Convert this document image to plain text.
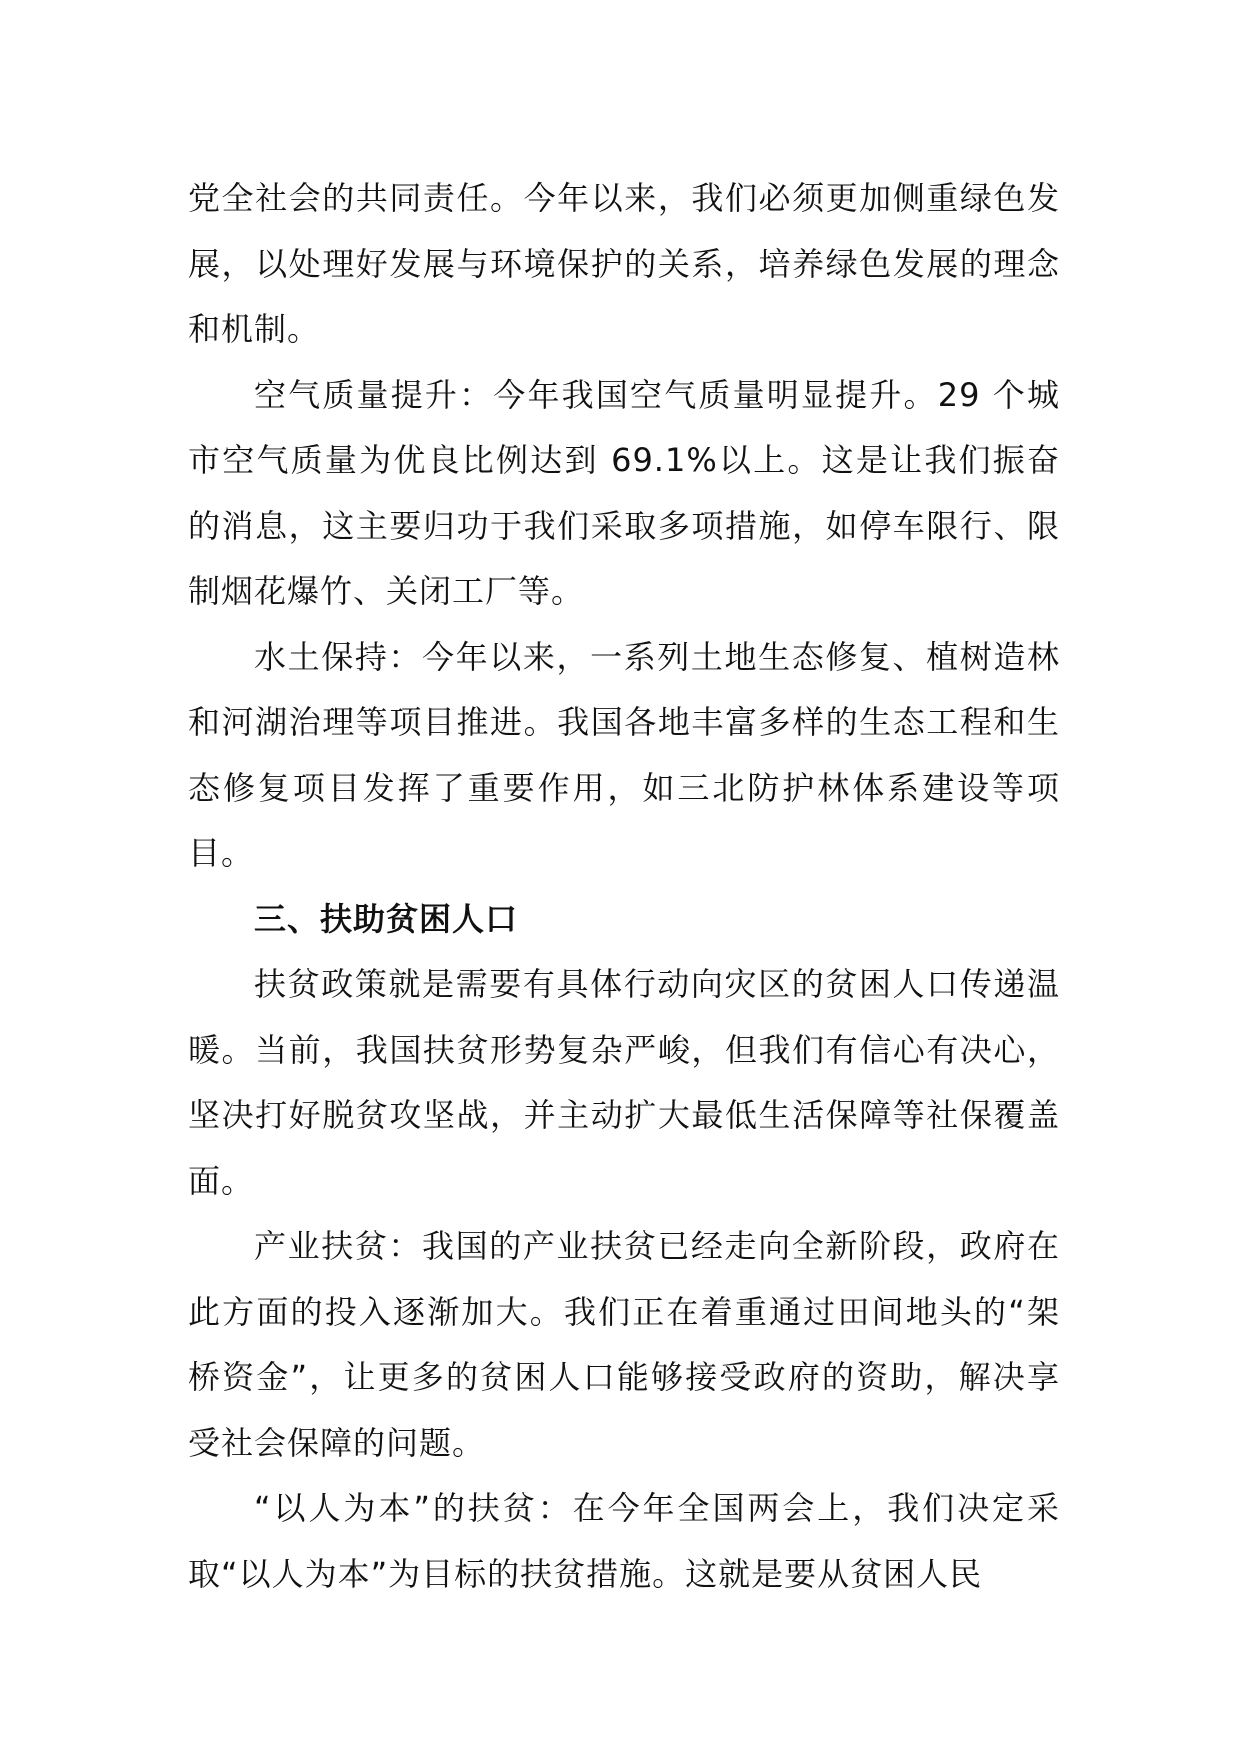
党全社会的共同责任。今年以来，我们必须更加侧重绿色发展，以处理好发展与环境保护的关系，培养绿色发展的理念和机制。

空气质量提升：今年我国空气质量明显提升。29 个城市空气质量为优良比例达到 69.1%以上。这是让我们振奋的消息，这主要归功于我们采取多项措施，如停车限行、限制烟花爆竹、关闭工厂等。

水土保持：今年以来，一系列土地生态修复、植树造林和河湖治理等项目推进。我国各地丰富多样的生态工程和生态修复项目发挥了重要作用，如三北防护林体系建设等项目。

三、扶助贫困人口

扶贫政策就是需要有具体行动向灾区的贫困人口传递温暖。当前，我国扶贫形势复杂严峻，但我们有信心有决心，坚决打好脱贫攻坚战，并主动扩大最低生活保障等社保覆盖面。

产业扶贫：我国的产业扶贫已经走向全新阶段，政府在此方面的投入逐渐加大。我们正在着重通过田间地头的“架桥资金”，让更多的贫困人口能够接受政府的资助，解决享受社会保障的问题。

“以人为本”的扶贫：在今年全国两会上，我们决定采取“以人为本”为目标的扶贫措施。这就是要从贫困人民
